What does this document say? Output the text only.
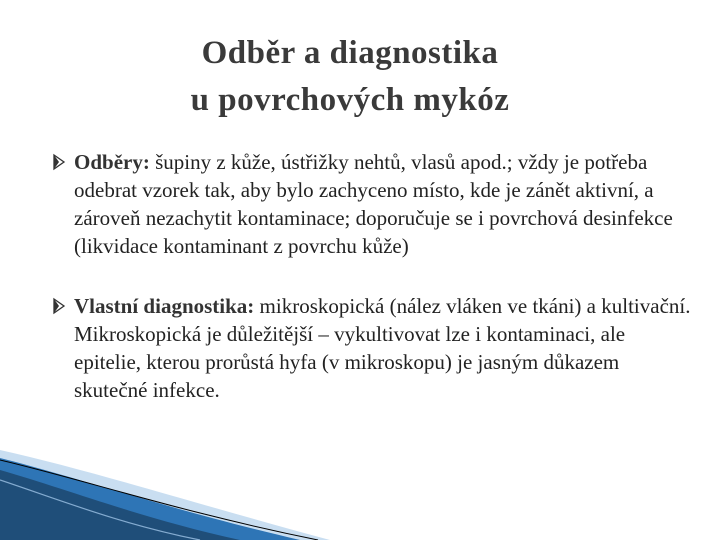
Odběr a diagnostika
u povrchových mykóz
Odběry: šupiny z kůže, ústřižky nehtů, vlasů apod.; vždy je potřeba odebrat vzorek tak, aby bylo zachyceno místo, kde je zánět aktivní, a zároveň nezachytit kontaminace; doporučuje se i povrchová desinfekce (likvidace kontaminant z povrchu kůže)
Vlastní diagnostika: mikroskopická (nález vláken ve tkáni) a kultivační. Mikroskopická je důležitější – vykultivovat lze i kontaminaci, ale epitelie, kterou prorůstá hyfa (v mikroskopu) je jasným důkazem skutečné infekce.
